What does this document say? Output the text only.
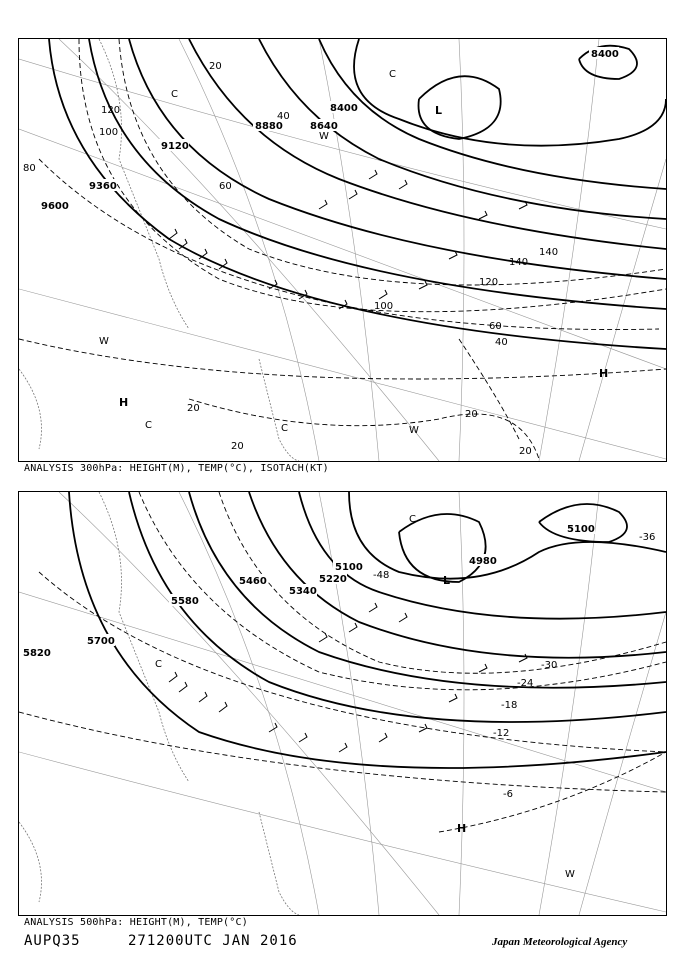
9600
9360
9120
8880	8640
8400
8400
20
40
60
80
100
120
140
120
140
100
60
40
20
20
20
20
L
H
H
C
C
C	C
W
W
W
ANALYSIS 300hPa: HEIGHT(M), TEMP(°C), ISOTACH(KT)
5820
5700
5580
5460
5340
5220
5100
4980
5100
-48
-30
-24
-18
-12
-6
-36
L
H
C
C
W
ANALYSIS 500hPa: HEIGHT(M), TEMP(°C)
AUPQ35	271200UTC JAN 2016	Japan Meteorological Agency
